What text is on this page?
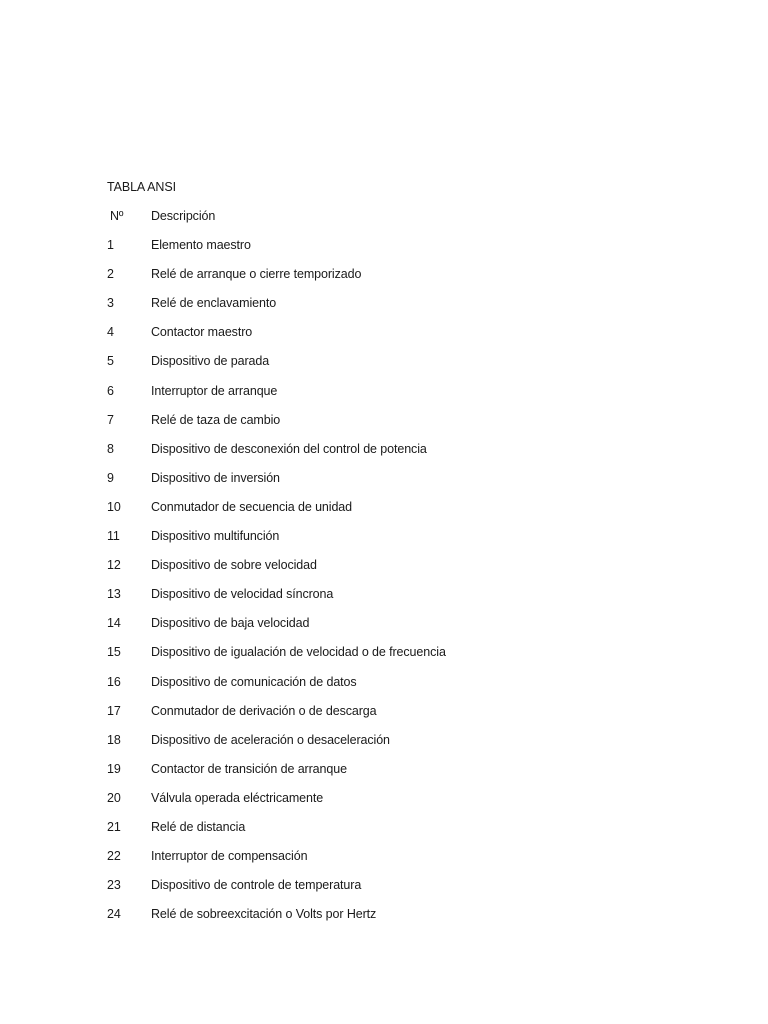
TABLA ANSI
Nº	Descripción
1	Elemento maestro
2	Relé de arranque o cierre temporizado
3	Relé de enclavamiento
4	Contactor maestro
5	Dispositivo de parada
6	Interruptor de arranque
7	Relé de taza de cambio
8	Dispositivo de desconexión del control de potencia
9	Dispositivo de inversión
10	Conmutador de secuencia de unidad
11	Dispositivo multifunción
12	Dispositivo de sobre velocidad
13	Dispositivo de velocidad síncrona
14	Dispositivo de baja velocidad
15	Dispositivo de igualación de velocidad o de frecuencia
16	Dispositivo de comunicación de datos
17	Conmutador de derivación o de descarga
18	Dispositivo de aceleración o desaceleración
19	Contactor de transición de arranque
20	Válvula operada eléctricamente
21	Relé de distancia
22	Interruptor de compensación
23	Dispositivo de controle de temperatura
24	Relé de sobreexcitación o Volts por Hertz
